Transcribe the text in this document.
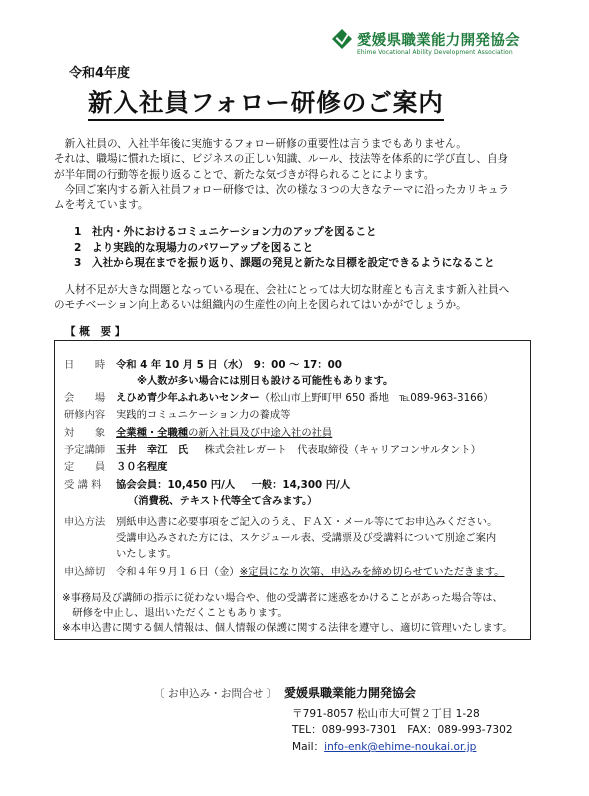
愛媛県職業能力開発協会
Ehime Vocational Ability Development Association
令和4年度
新入社員フォロー研修のご案内
　新入社員の、入社半年後に実施するフォロー研修の重要性は言うまでもありません。
それは、職場に慣れた頃に、ビジネスの正しい知識、ルール、技法等を体系的に学び直し、自身
が半年間の行動等を振り返ることで、新たな気づきが得られることによります。
　今回ご案内する新入社員フォロー研修では、次の様な３つの大きなテーマに沿ったカリキュラ
ムを考えています。
1 社内・外におけるコミュニケーション力のアップを図ること
2 より実践的な現場力のパワーアップを図ること
3 入社から現在までを振り返り、課題の発見と新たな目標を設定できるようになること
　人材不足が大きな問題となっている現在、会社にとっては大切な財産とも言えます新入社員へ
のモチベーション向上あるいは組織内の生産性の向上を図られてはいかがでしょうか。
【 概　要 】
日　　時 令和 4 年 10 月 5 日（水）　9：00 ～ 17：00
※人数が多い場合には別日も設ける可能性もあります。
会　　場 えひめ青少年ふれあいセンター（松山市上野町甲 650 番地　℡089-963-3166）
研修内容 実践的コミュニケーション力の養成等
対　　象 全業種・全職種の新入社員及び中途入社の社員
予定講師 玉井　幸江　氏 株式会社レガート　代表取締役（キャリアコンサルタント）
定　　員 ３０名程度
受 講 料 協会会員：10,450 円/人 一般：14,300 円/人
（消費税、テキスト代等全て含みます。）
申込方法 別紙申込書に必要事項をご記入のうえ、ＦＡＸ・メール等にてお申込みください。
受講申込みされた方には、スケジュール表、受講票及び受講料について別途ご案内
いたします。
申込締切 令和４年９月１６日（金）※定員になり次第、申込みを締め切らせていただきます。
※事務局及び講師の指示に従わない場合や、他の受講者に迷惑をかけることがあった場合等は、
　研修を中止し、退出いただくこともあります。
※本申込書に関する個人情報は、個人情報の保護に関する法律を遵守し、適切に管理いたします。
〔 お申込み・お問合せ 〕 愛媛県職業能力開発協会
〒791-8057 松山市大可賀２丁目 1-28
TEL：089-993-7301　FAX：089-993-7302
Mail：info-enk@ehime-noukai.or.jp
